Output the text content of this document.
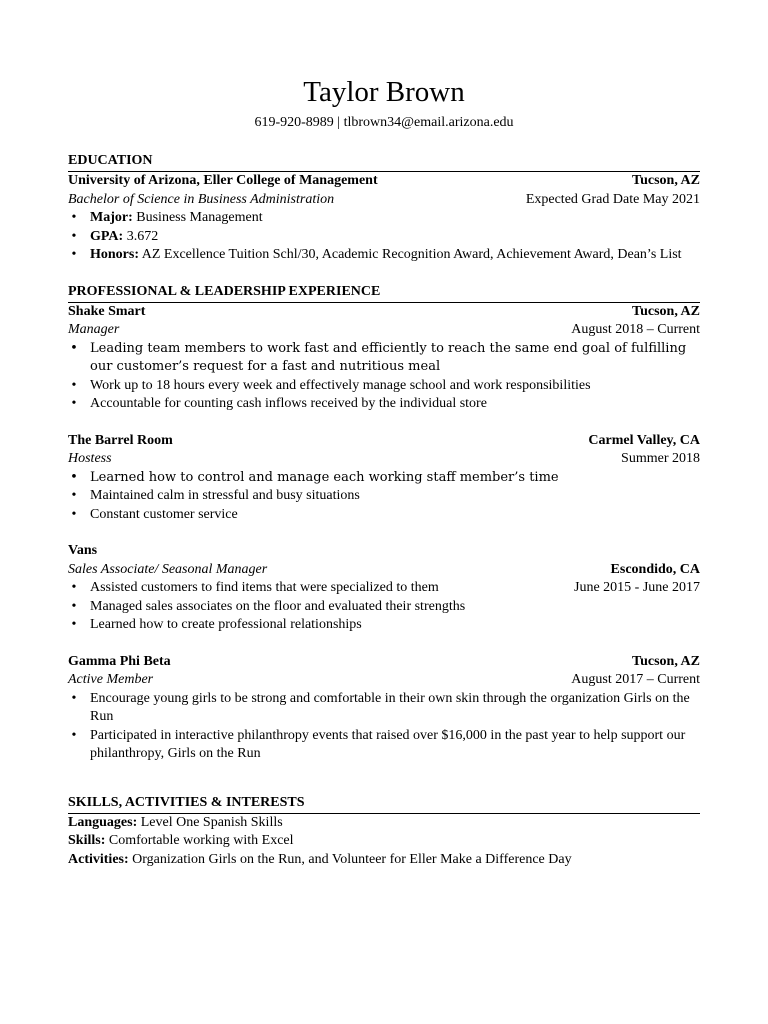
Taylor Brown
619-920-8989 | tlbrown34@email.arizona.edu
EDUCATION
University of Arizona, Eller College of Management	Tucson, AZ
Bachelor of Science in Business Administration	Expected Grad Date May 2021
• Major: Business Management
• GPA: 3.672
• Honors: AZ Excellence Tuition Schl/30, Academic Recognition Award, Achievement Award, Dean’s List
PROFESSIONAL & LEADERSHIP EXPERIENCE
Shake Smart	Tucson, AZ
Manager	August 2018 – Current
• Leading team members to work fast and efficiently to reach the same end goal of fulfilling our customer’s request for a fast and nutritious meal
• Work up to 18 hours every week and effectively manage school and work responsibilities
• Accountable for counting cash inflows received by the individual store
The Barrel Room	Carmel Valley, CA
Hostess	Summer 2018
• Learned how to control and manage each working staff member’s time
• Maintained calm in stressful and busy situations
• Constant customer service
Vans
Sales Associate/ Seasonal Manager	Escondido, CA
• Assisted customers to find items that were specialized to them	June 2015 - June 2017
• Managed sales associates on the floor and evaluated their strengths
• Learned how to create professional relationships
Gamma Phi Beta	Tucson, AZ
Active Member	August 2017 – Current
• Encourage young girls to be strong and comfortable in their own skin through the organization Girls on the Run
• Participated in interactive philanthropy events that raised over $16,000 in the past year to help support our philanthropy, Girls on the Run
SKILLS, ACTIVITIES & INTERESTS
Languages: Level One Spanish Skills
Skills: Comfortable working with Excel
Activities: Organization Girls on the Run, and Volunteer for Eller Make a Difference Day
